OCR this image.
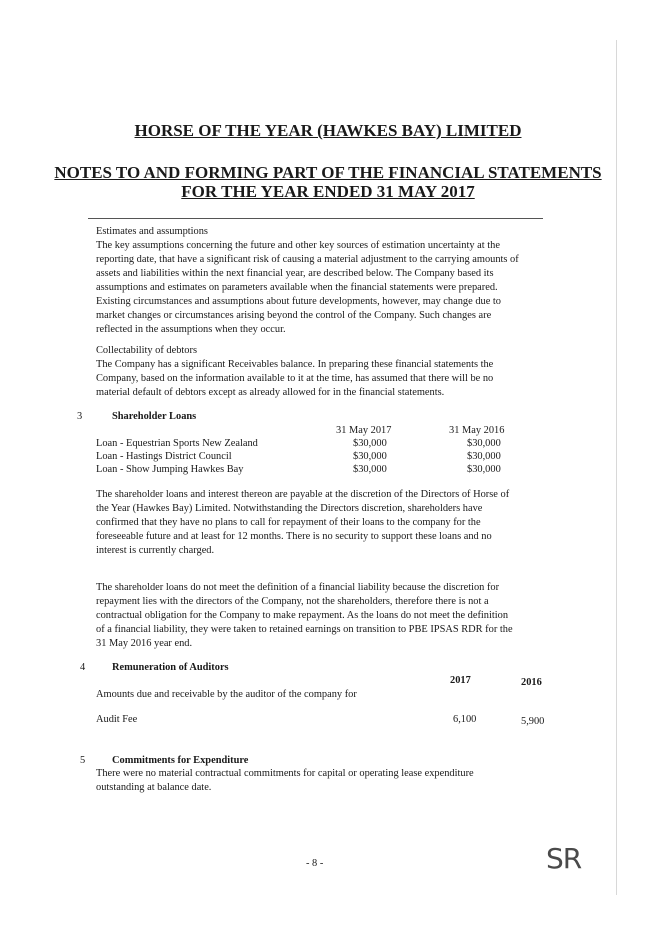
HORSE OF THE YEAR (HAWKES BAY) LIMITED
NOTES TO AND FORMING PART OF THE FINANCIAL STATEMENTS
FOR THE YEAR ENDED 31 MAY 2017
Estimates and assumptions
The key assumptions concerning the future and other key sources of estimation uncertainty at the
reporting date, that have a significant risk of causing a material adjustment to the carrying amounts of
assets and liabilities within the next financial year, are described below. The Company based its
assumptions and estimates on parameters available when the financial statements were prepared.
Existing circumstances and assumptions about future developments, however, may change due to
market changes or circumstances arising beyond the control of the Company. Such changes are
reflected in the assumptions when they occur.
Collectability of debtors
The Company has a significant Receivables balance. In preparing these financial statements the
Company, based on the information available to it at the time, has assumed that there will be no
material default of debtors except as already allowed for in the financial statements.
3	Shareholder Loans
31 May 2017	31 May 2016
Loan - Equestrian Sports New Zealand	$30,000	$30,000
Loan - Hastings District Council	$30,000	$30,000
Loan - Show Jumping Hawkes Bay	$30,000	$30,000
The shareholder loans and interest thereon are payable at the discretion of the Directors of Horse of
the Year (Hawkes Bay) Limited. Notwithstanding the Directors discretion, shareholders have
confirmed that they have no plans to call for repayment of their loans to the company for the
foreseeable future and at least for 12 months. There is no security to support these loans and no
interest is currently charged.
The shareholder loans do not meet the definition of a financial liability because the discretion for
repayment lies with the directors of the Company, not the shareholders, therefore there is not a
contractual obligation for the Company to make repayment. As the loans do not meet the definition
of a financial liability, they were taken to retained earnings on transition to PBE IPSAS RDR for the
31 May 2016 year end.
4	Remuneration of Auditors
2017	2016
Amounts due and receivable by the auditor of the company for
Audit Fee	6,100	5,900
5	Commitments for Expenditure
There were no material contractual commitments for capital or operating lease expenditure
outstanding at balance date.
- 8 -	SR
